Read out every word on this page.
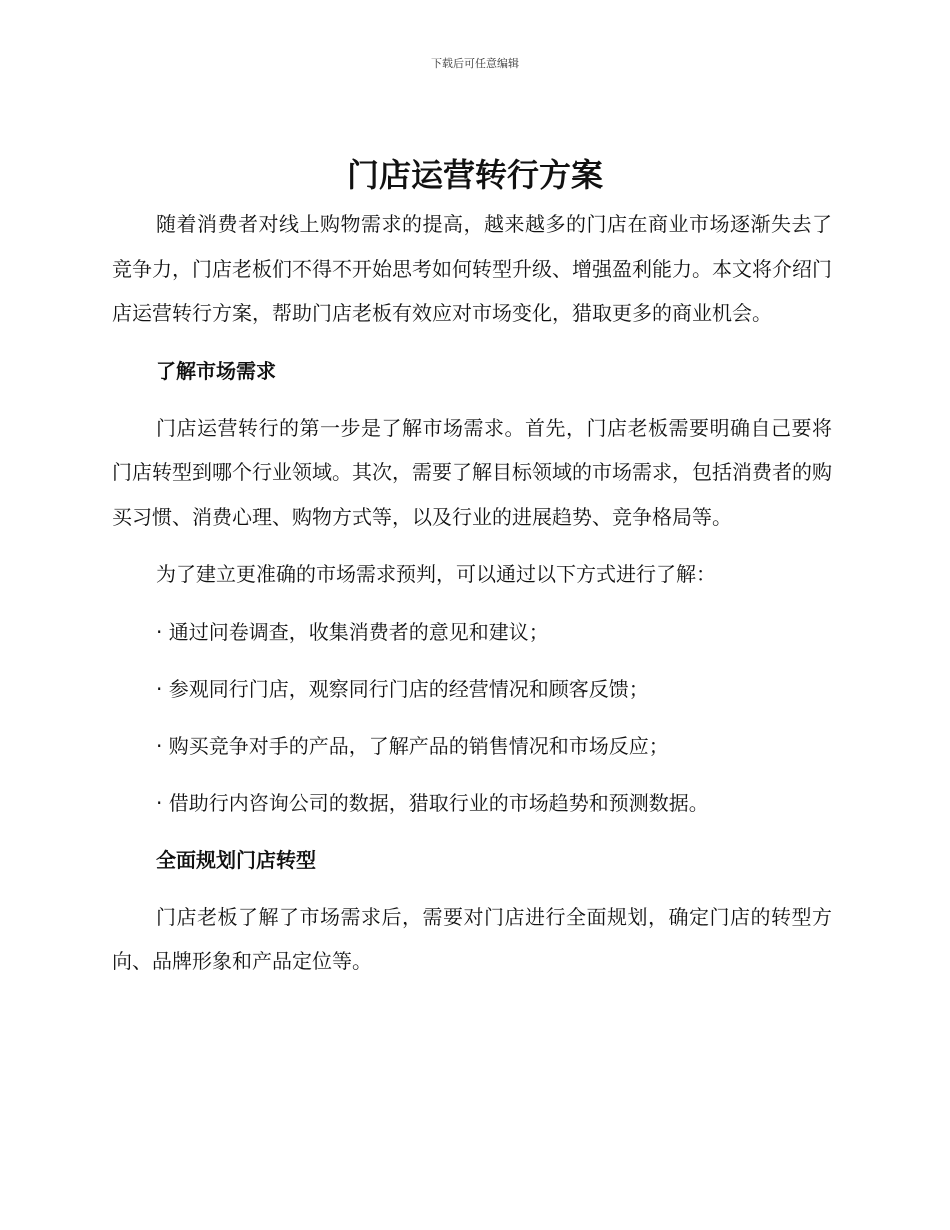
下载后可任意编辑
门店运营转行方案

随着消费者对线上购物需求的提高，越来越多的门店在商业市场逐渐失去了竞争力，门店老板们不得不开始思考如何转型升级、增强盈利能力。本文将介绍门店运营转行方案，帮助门店老板有效应对市场变化，猎取更多的商业机会。

了解市场需求

门店运营转行的第一步是了解市场需求。首先，门店老板需要明确自己要将门店转型到哪个行业领域。其次，需要了解目标领域的市场需求，包括消费者的购买习惯、消费心理、购物方式等，以及行业的进展趋势、竞争格局等。

为了建立更准确的市场需求预判，可以通过以下方式进行了解：

· 通过问卷调查，收集消费者的意见和建议；
· 参观同行门店，观察同行门店的经营情况和顾客反馈；
· 购买竞争对手的产品，了解产品的销售情况和市场反应；
· 借助行内咨询公司的数据，猎取行业的市场趋势和预测数据。
全面规划门店转型

门店老板了解了市场需求后，需要对门店进行全面规划，确定门店的转型方向、品牌形象和产品定位等。
